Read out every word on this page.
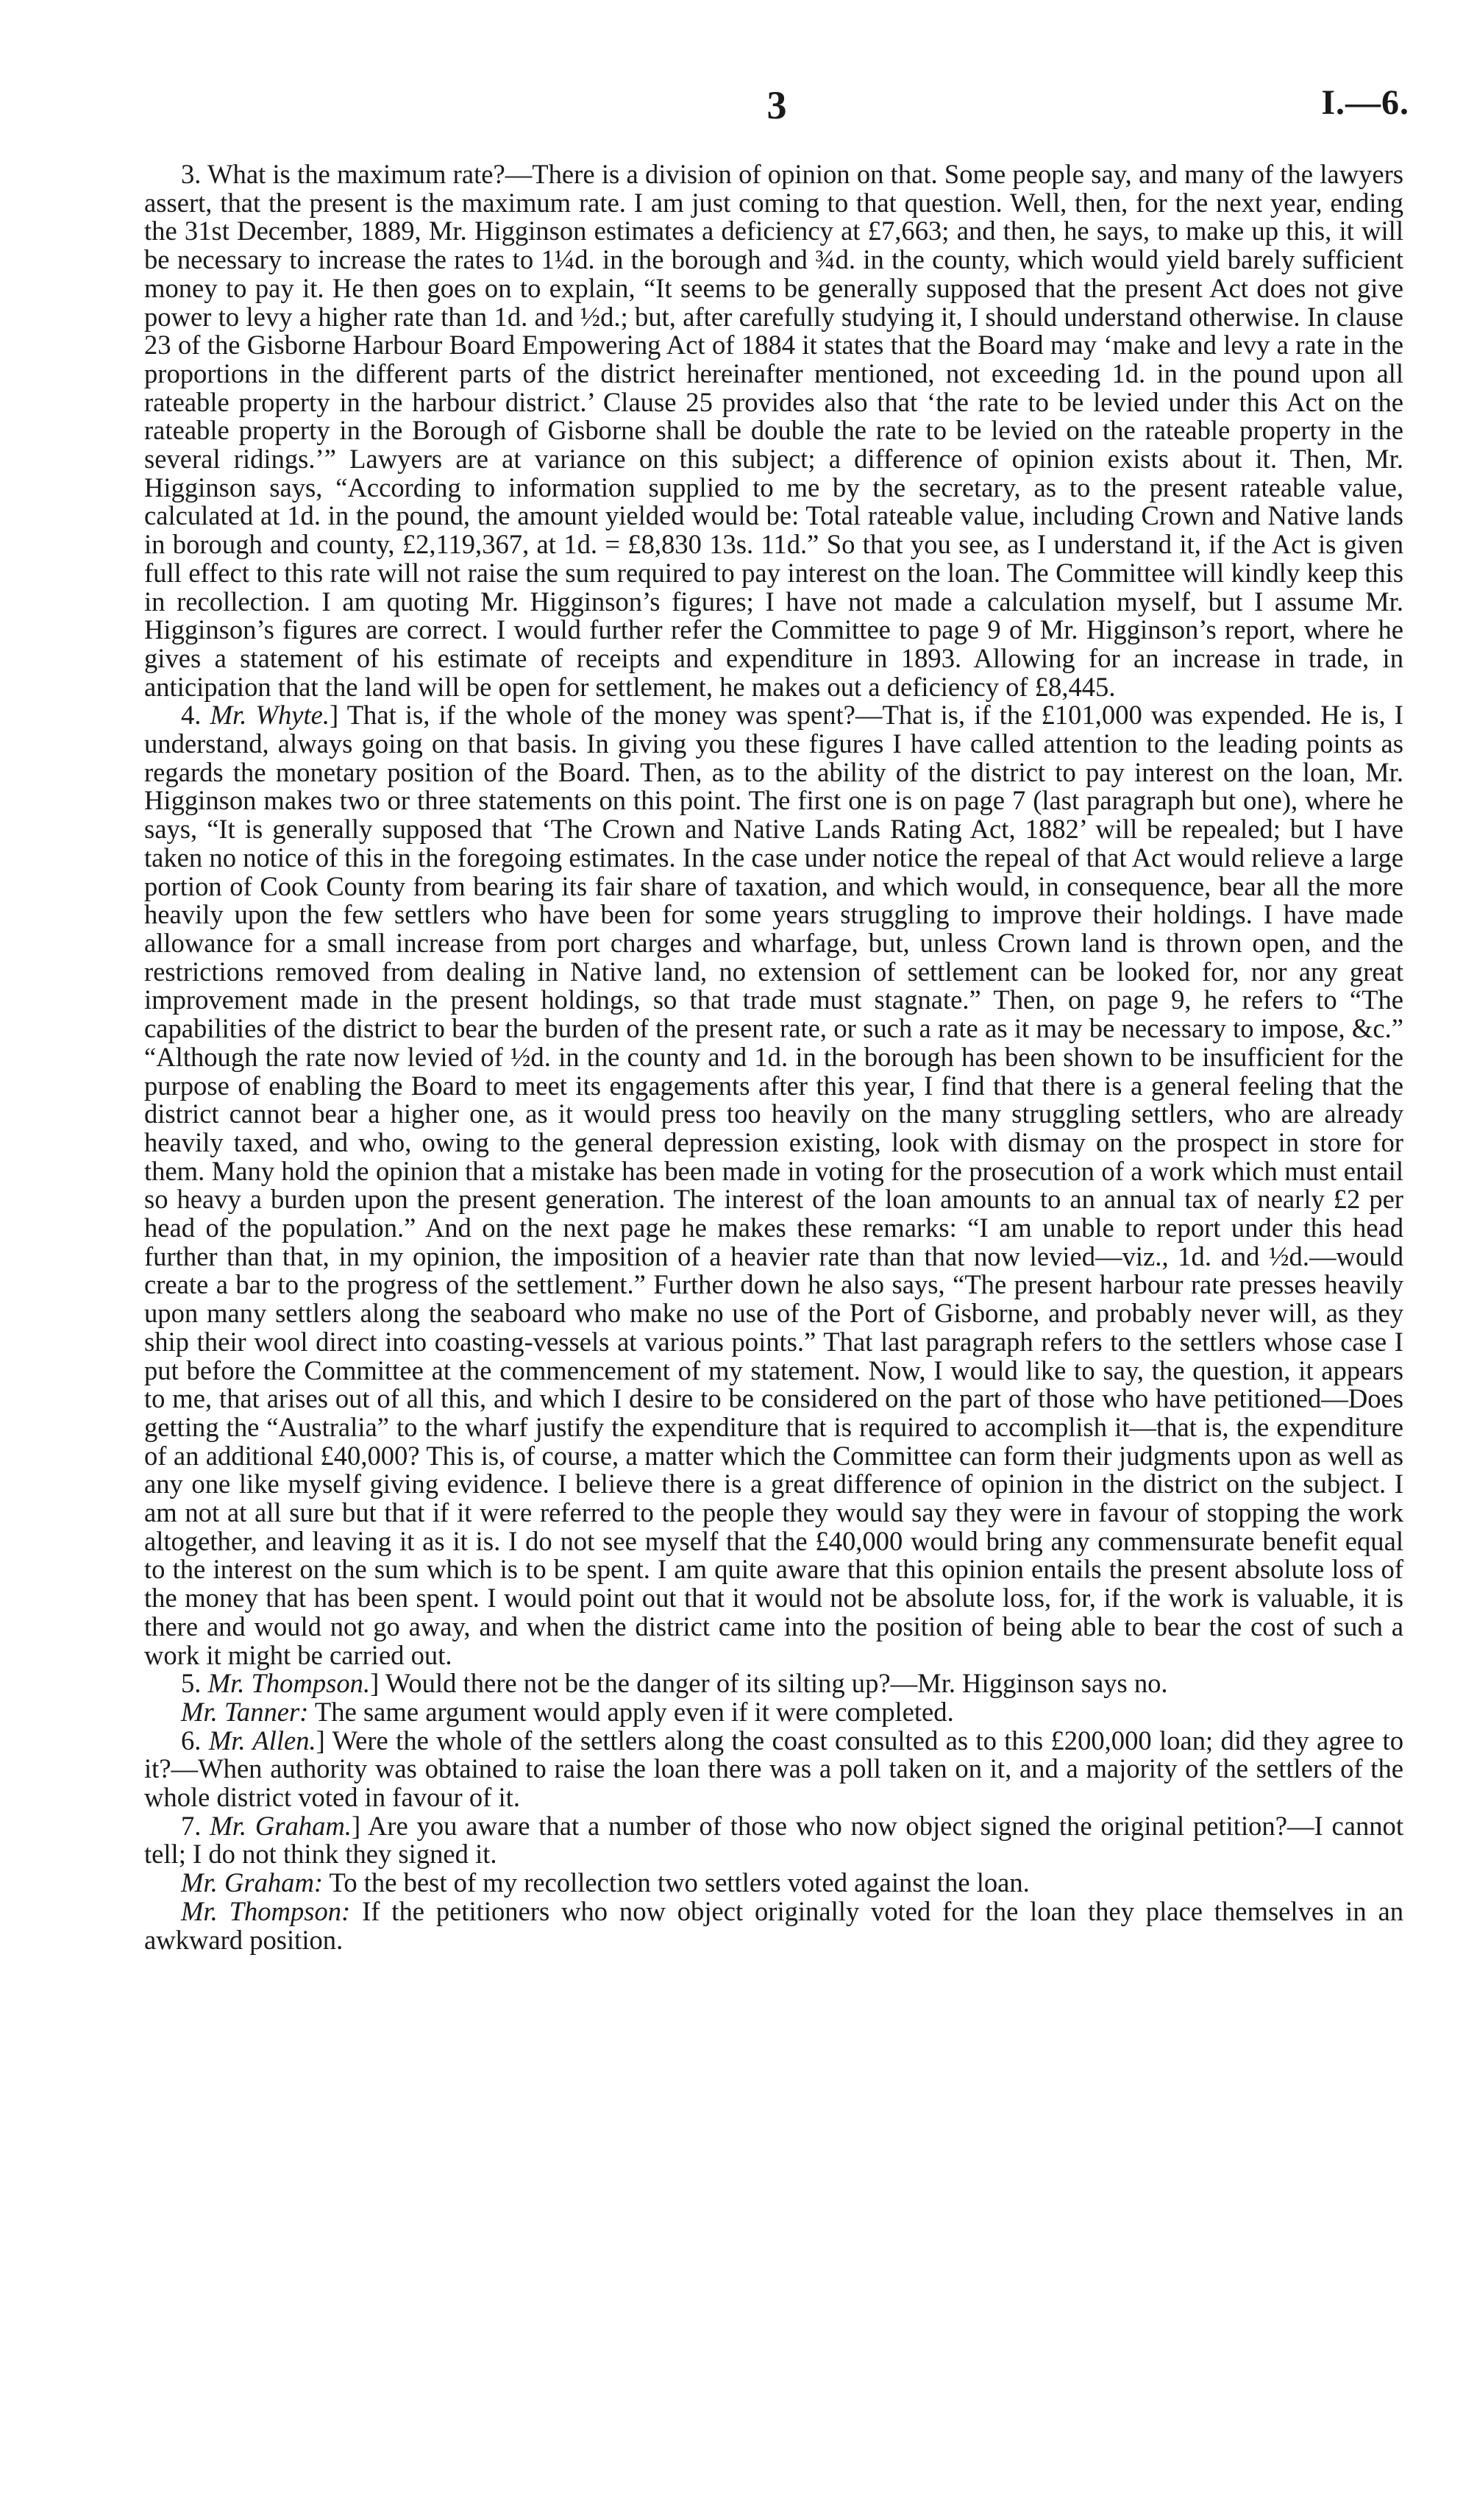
3	I.—6.

3. What is the maximum rate?—There is a division of opinion on that. Some people say, and many of the lawyers assert, that the present is the maximum rate. I am just coming to that question. Well, then, for the next year, ending the 31st December, 1889, Mr. Higginson estimates a deficiency at £7,663; and then, he says, to make up this, it will be necessary to increase the rates to 1¼d. in the borough and ¾d. in the county, which would yield barely sufficient money to pay it. He then goes on to explain, “It seems to be generally supposed that the present Act does not give power to levy a higher rate than 1d. and ½d.; but, after carefully studying it, I should understand otherwise. In clause 23 of the Gisborne Harbour Board Empowering Act of 1884 it states that the Board may ‘make and levy a rate in the proportions in the different parts of the district hereinafter mentioned, not exceeding 1d. in the pound upon all rateable property in the harbour district.’ Clause 25 provides also that ‘the rate to be levied under this Act on the rateable property in the Borough of Gisborne shall be double the rate to be levied on the rateable property in the several ridings.’” Lawyers are at variance on this subject; a difference of opinion exists about it. Then, Mr. Higginson says, “According to information supplied to me by the secretary, as to the present rateable value, calculated at 1d. in the pound, the amount yielded would be: Total rateable value, including Crown and Native lands in borough and county, £2,119,367, at 1d. = £8,830 13s. 11d.” So that you see, as I understand it, if the Act is given full effect to this rate will not raise the sum required to pay interest on the loan. The Committee will kindly keep this in recollection. I am quoting Mr. Higginson’s figures; I have not made a calculation myself, but I assume Mr. Higginson’s figures are correct. I would further refer the Committee to page 9 of Mr. Higginson’s report, where he gives a statement of his estimate of receipts and expenditure in 1893. Allowing for an increase in trade, in anticipation that the land will be open for settlement, he makes out a deficiency of £8,445.

4. Mr. Whyte.] That is, if the whole of the money was spent?—That is, if the £101,000 was expended. He is, I understand, always going on that basis. In giving you these figures I have called attention to the leading points as regards the monetary position of the Board. Then, as to the ability of the district to pay interest on the loan, Mr. Higginson makes two or three statements on this point. The first one is on page 7 (last paragraph but one), where he says, “It is generally supposed that ‘The Crown and Native Lands Rating Act, 1882’ will be repealed; but I have taken no notice of this in the foregoing estimates. In the case under notice the repeal of that Act would relieve a large portion of Cook County from bearing its fair share of taxation, and which would, in consequence, bear all the more heavily upon the few settlers who have been for some years struggling to improve their holdings. I have made allowance for a small increase from port charges and wharfage, but, unless Crown land is thrown open, and the restrictions removed from dealing in Native land, no extension of settlement can be looked for, nor any great improvement made in the present holdings, so that trade must stagnate.” Then, on page 9, he refers to “The capabilities of the district to bear the burden of the present rate, or such a rate as it may be necessary to impose, &c.” “Although the rate now levied of ½d. in the county and 1d. in the borough has been shown to be insufficient for the purpose of enabling the Board to meet its engagements after this year, I find that there is a general feeling that the district cannot bear a higher one, as it would press too heavily on the many struggling settlers, who are already heavily taxed, and who, owing to the general depression existing, look with dismay on the prospect in store for them. Many hold the opinion that a mistake has been made in voting for the prosecution of a work which must entail so heavy a burden upon the present generation. The interest of the loan amounts to an annual tax of nearly £2 per head of the population.” And on the next page he makes these remarks: “I am unable to report under this head further than that, in my opinion, the imposition of a heavier rate than that now levied—viz., 1d. and ½d.—would create a bar to the progress of the settlement.” Further down he also says, “The present harbour rate presses heavily upon many settlers along the seaboard who make no use of the Port of Gisborne, and probably never will, as they ship their wool direct into coasting-vessels at various points.” That last paragraph refers to the settlers whose case I put before the Committee at the commencement of my statement. Now, I would like to say, the question, it appears to me, that arises out of all this, and which I desire to be considered on the part of those who have petitioned—Does getting the “Australia” to the wharf justify the expenditure that is required to accomplish it—that is, the expenditure of an additional £40,000? This is, of course, a matter which the Committee can form their judgments upon as well as any one like myself giving evidence. I believe there is a great difference of opinion in the district on the subject. I am not at all sure but that if it were referred to the people they would say they were in favour of stopping the work altogether, and leaving it as it is. I do not see myself that the £40,000 would bring any commensurate benefit equal to the interest on the sum which is to be spent. I am quite aware that this opinion entails the present absolute loss of the money that has been spent. I would point out that it would not be absolute loss, for, if the work is valuable, it is there and would not go away, and when the district came into the position of being able to bear the cost of such a work it might be carried out.

5. Mr. Thompson.] Would there not be the danger of its silting up?—Mr. Higginson says no.

Mr. Tanner: The same argument would apply even if it were completed.

6. Mr. Allen.] Were the whole of the settlers along the coast consulted as to this £200,000 loan; did they agree to it?—When authority was obtained to raise the loan there was a poll taken on it, and a majority of the settlers of the whole district voted in favour of it.

7. Mr. Graham.] Are you aware that a number of those who now object signed the original petition?—I cannot tell; I do not think they signed it.

Mr. Graham: To the best of my recollection two settlers voted against the loan.

Mr. Thompson: If the petitioners who now object originally voted for the loan they place themselves in an awkward position.
